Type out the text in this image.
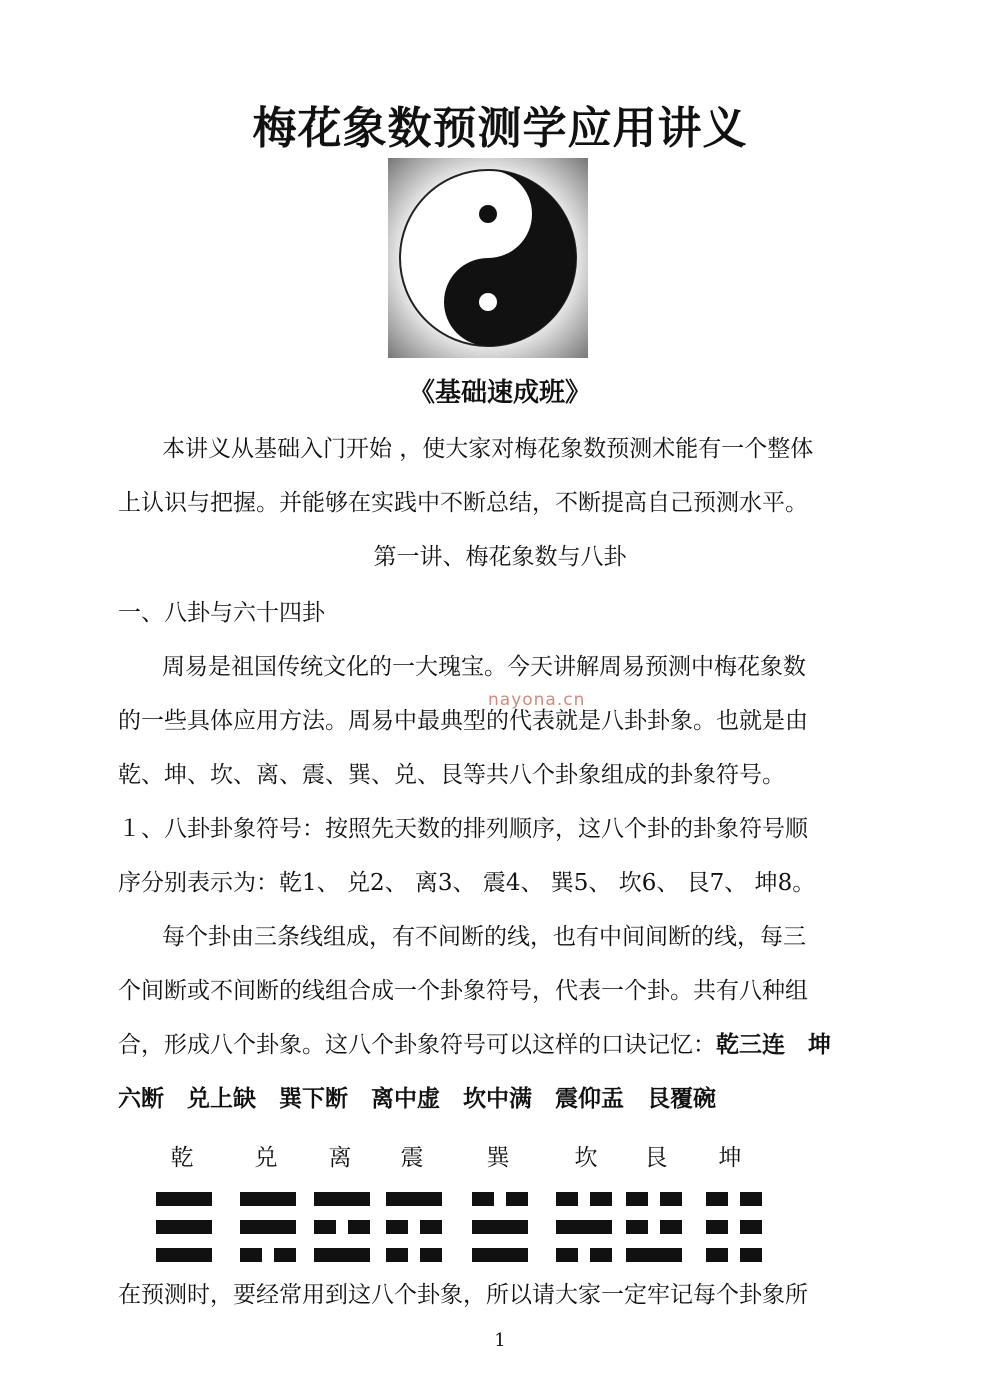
梅花象数预测学应用讲义
《基础速成班》
本讲义从基础入门开始 ，使大家对梅花象数预测术能有一个整体
上认识与把握。并能够在实践中不断总结，不断提高自己预测水平。
第一讲、梅花象数与八卦
一、八卦与六十四卦
周易是祖国传统文化的一大瑰宝。今天讲解周易预测中梅花象数
的一些具体应用方法。周易中最典型的代表就是八卦卦象。也就是由
乾、坤、坎、离、震、巽、兑、艮等共八个卦象组成的卦象符号。
１、八卦卦象符号：按照先天数的排列顺序，这八个卦的卦象符号顺
序分别表示为：乾1、 兑2、 离3、 震4、 巽5、 坎6、 艮7、 坤8。
每个卦由三条线组成，有不间断的线，也有中间间断的线，每三
个间断或不间断的线组合成一个卦象符号，代表一个卦。共有八种组
合，形成八个卦象。这八个卦象符号可以这样的口诀记忆：乾三连　坤
六断　兑上缺　巽下断　离中虚　坎中满　震仰盂　艮覆碗
乾	兑	离	震	巽	坎	艮	坤
在预测时，要经常用到这八个卦象，所以请大家一定牢记每个卦象所
1
nayona.cn
